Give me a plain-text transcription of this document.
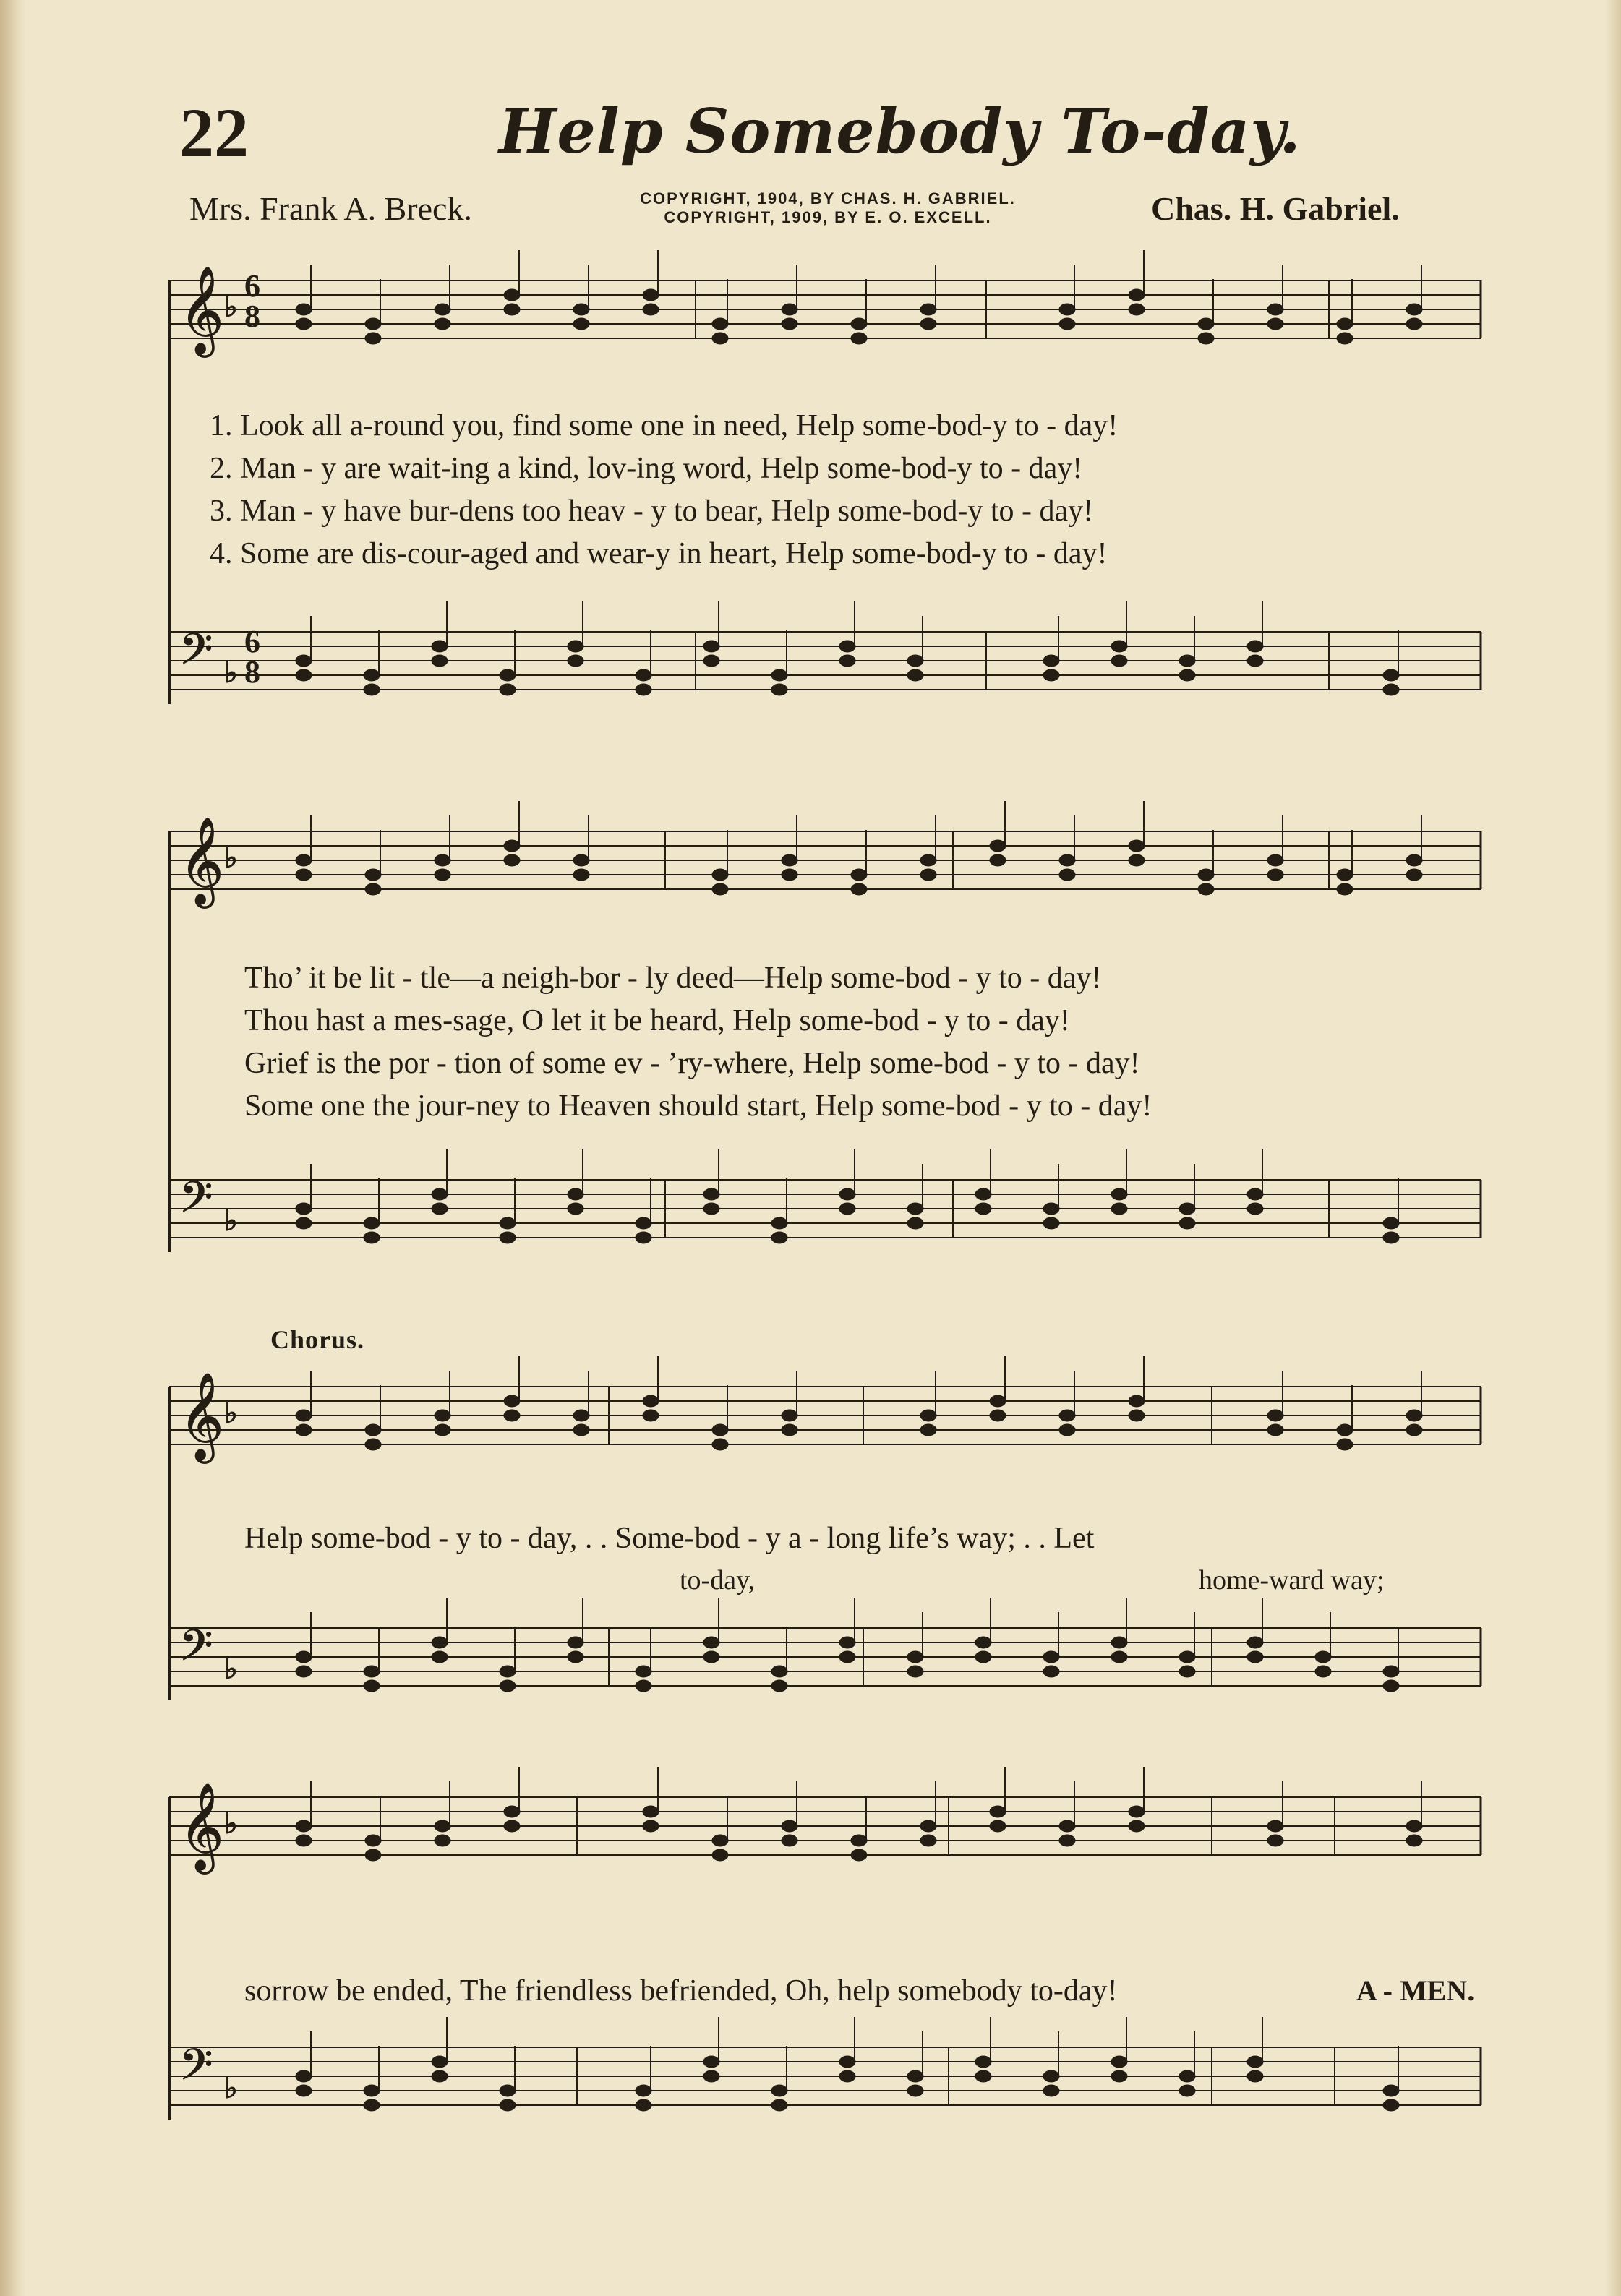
22	Help Somebody To-day.
Mrs. Frank A. Breck.	COPYRIGHT, 1904, BY CHAS. H. GABRIEL.
COPYRIGHT, 1909, BY E. O. EXCELL.	Chas. H. Gabriel.
𝄞 ♭
𝄢 ♭
𝄞 ♭
𝄢 ♭
𝄞 ♭
𝄢 ♭
𝄞 ♭
𝄢 ♭
6
8
6
8
1. Look all a-round you, find some one in need, Help some-bod-y to - day!
2. Man - y are wait-ing a kind, lov-ing word, Help some-bod-y to - day!
3. Man - y have bur-dens too heav - y to bear, Help some-bod-y to - day!
4. Some are dis-cour-aged and wear-y in heart, Help some-bod-y to - day!
Tho’ it be lit - tle—a neigh-bor - ly deed—Help some-bod - y to - day!
Thou hast a mes-sage, O let it be heard, Help some-bod - y to - day!
Grief is the por - tion of some ev - ’ry-where, Help some-bod - y to - day!
Some one the jour-ney to Heaven should start, Help some-bod - y to - day!
Chorus.
Help some-bod - y to - day, . . Some-bod - y a - long life’s way; . . Let
to-day,	home-ward way;
sorrow be ended, The friendless befriended, Oh, help somebody to-day!	A - MEN.
